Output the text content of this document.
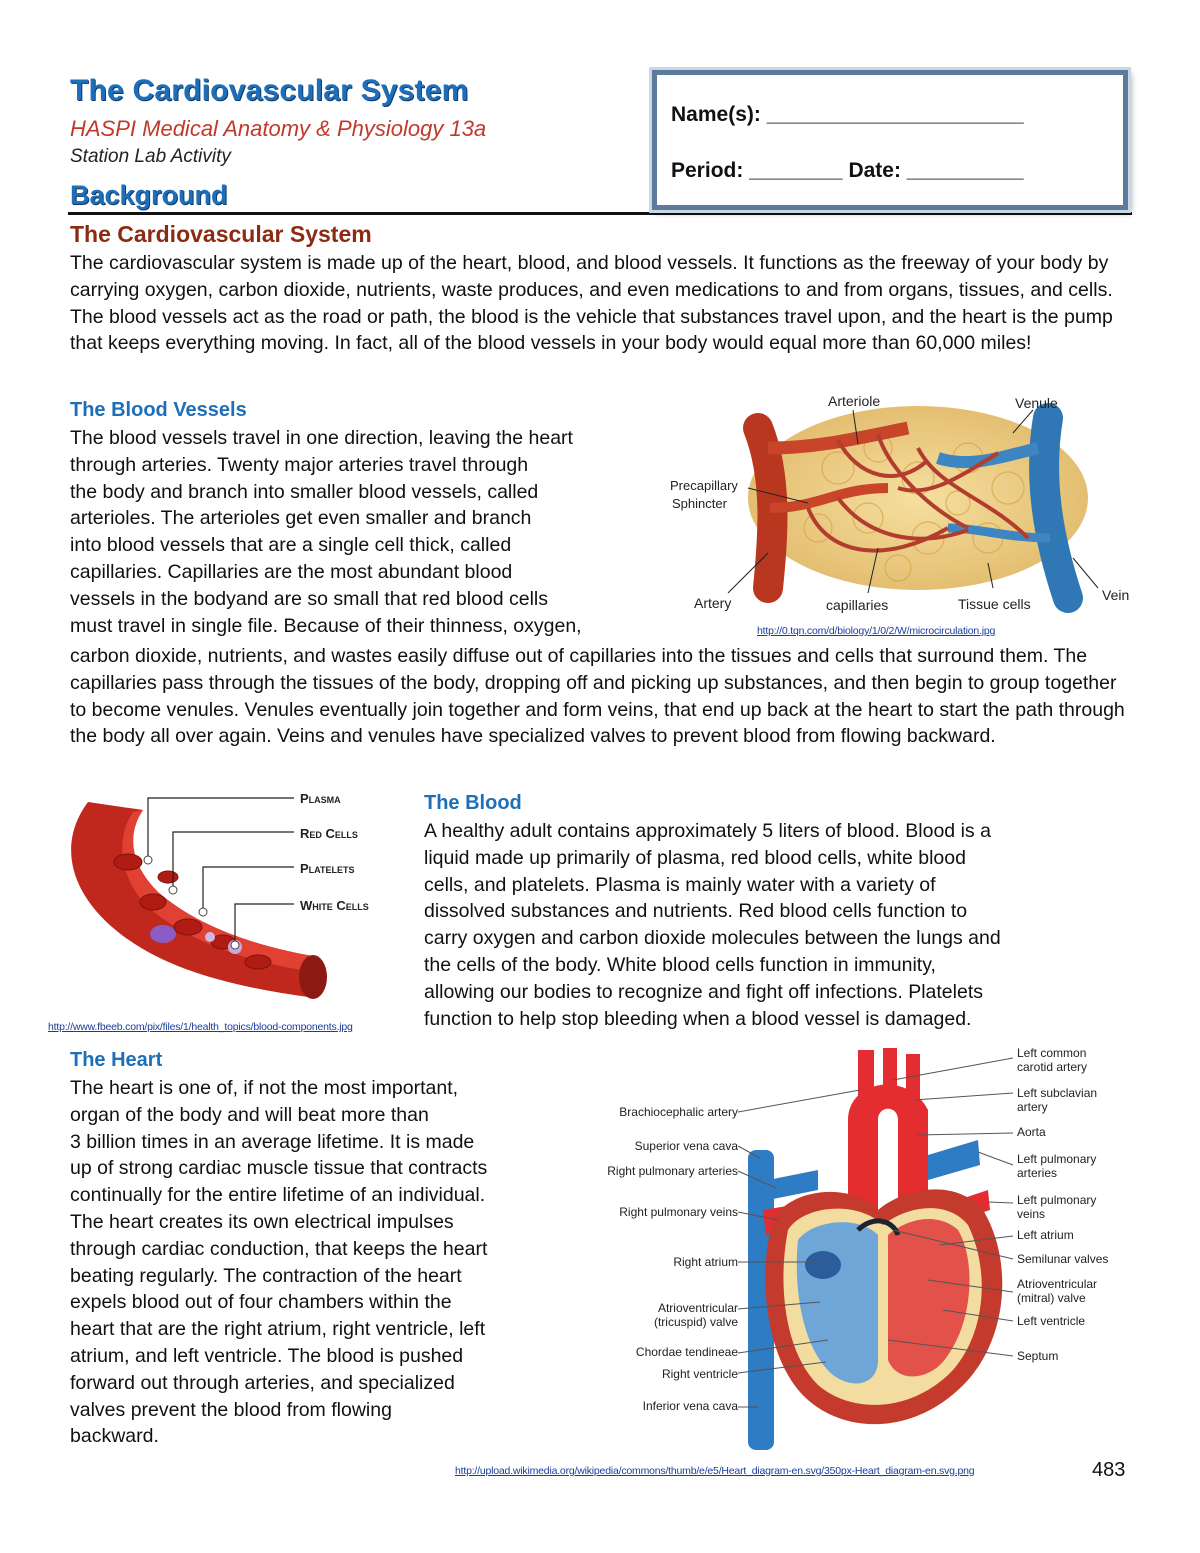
The Cardiovascular System
HASPI Medical Anatomy & Physiology 13a
Station Lab Activity
Background
Name(s): ______________________
Period: ________ Date: __________
The Cardiovascular System

The cardiovascular system is made up of the heart, blood, and blood vessels. It functions as the freeway of your body by carrying oxygen, carbon dioxide, nutrients, waste produces, and even medications to and from organs, tissues, and cells. The blood vessels act as the road or path, the blood is the vehicle that substances travel upon, and the heart is the pump that keeps everything moving. In fact, all of the blood vessels in your body would equal more than 60,000 miles!

The Blood Vessels
The blood vessels travel in one direction, leaving the heart
through arteries. Twenty major arteries travel through
the body and branch into smaller blood vessels, called
arterioles. The arterioles get even smaller and branch
into blood vessels that are a single cell thick, called
capillaries. Capillaries are the most abundant blood
vessels in the bodyand are so small that red blood cells
must travel in single file. Because of their thinness, oxygen,

carbon dioxide, nutrients, and wastes easily diffuse out of capillaries into the tissues and cells that surround them. The capillaries pass through the tissues of the body, dropping off and picking up substances, and then begin to group together to become venules. Venules eventually join together and form veins, that end up back at the heart to start the path through the body all over again. Veins and venules have specialized valves to prevent blood from flowing backward.

Arteriole	Venule
Precapillary
Sphincter
Artery	capillaries	Tissue cells
Vein
http://0.tqn.com/d/biology/1/0/2/W/microcirculation.jpg
Plasma
Red Cells
Platelets
White Cells
http://www.fbeeb.com/pix/files/1/health_topics/blood-components.jpg
The Blood
A healthy adult contains approximately 5 liters of blood. Blood is a
liquid made up primarily of plasma, red blood cells, white blood
cells, and platelets. Plasma is mainly water with a variety of
dissolved substances and nutrients. Red blood cells function to
carry oxygen and carbon dioxide molecules between the lungs and
the cells of the body. White blood cells function in immunity,
allowing our bodies to recognize and fight off infections. Platelets
function to help stop bleeding when a blood vessel is damaged.
The Heart
The heart is one of, if not the most important,
organ of the body and will beat more than
3 billion times in an average lifetime. It is made
up of strong cardiac muscle tissue that contracts
continually for the entire lifetime of an individual.
The heart creates its own electrical impulses
through cardiac conduction, that keeps the heart
beating regularly. The contraction of the heart
expels blood out of four chambers within the
heart that are the right atrium, right ventricle, left
atrium, and left ventricle. The blood is pushed
forward out through arteries, and specialized
valves prevent the blood from flowing
backward.
Brachiocephalic artery
Superior vena cava
Right pulmonary arteries
Right pulmonary veins
Right atrium
Atrioventricular
(tricuspid) valve
Chordae tendineae
Right ventricle
Inferior vena cava
Left common
carotid artery
Left subclavian
artery
Aorta
Left pulmonary
arteries
Left pulmonary
veins
Left atrium
Semilunar valves
Atrioventricular
(mitral) valve
Left ventricle
Septum
http://upload.wikimedia.org/wikipedia/commons/thumb/e/e5/Heart_diagram-en.svg/350px-Heart_diagram-en.svg.png	483
